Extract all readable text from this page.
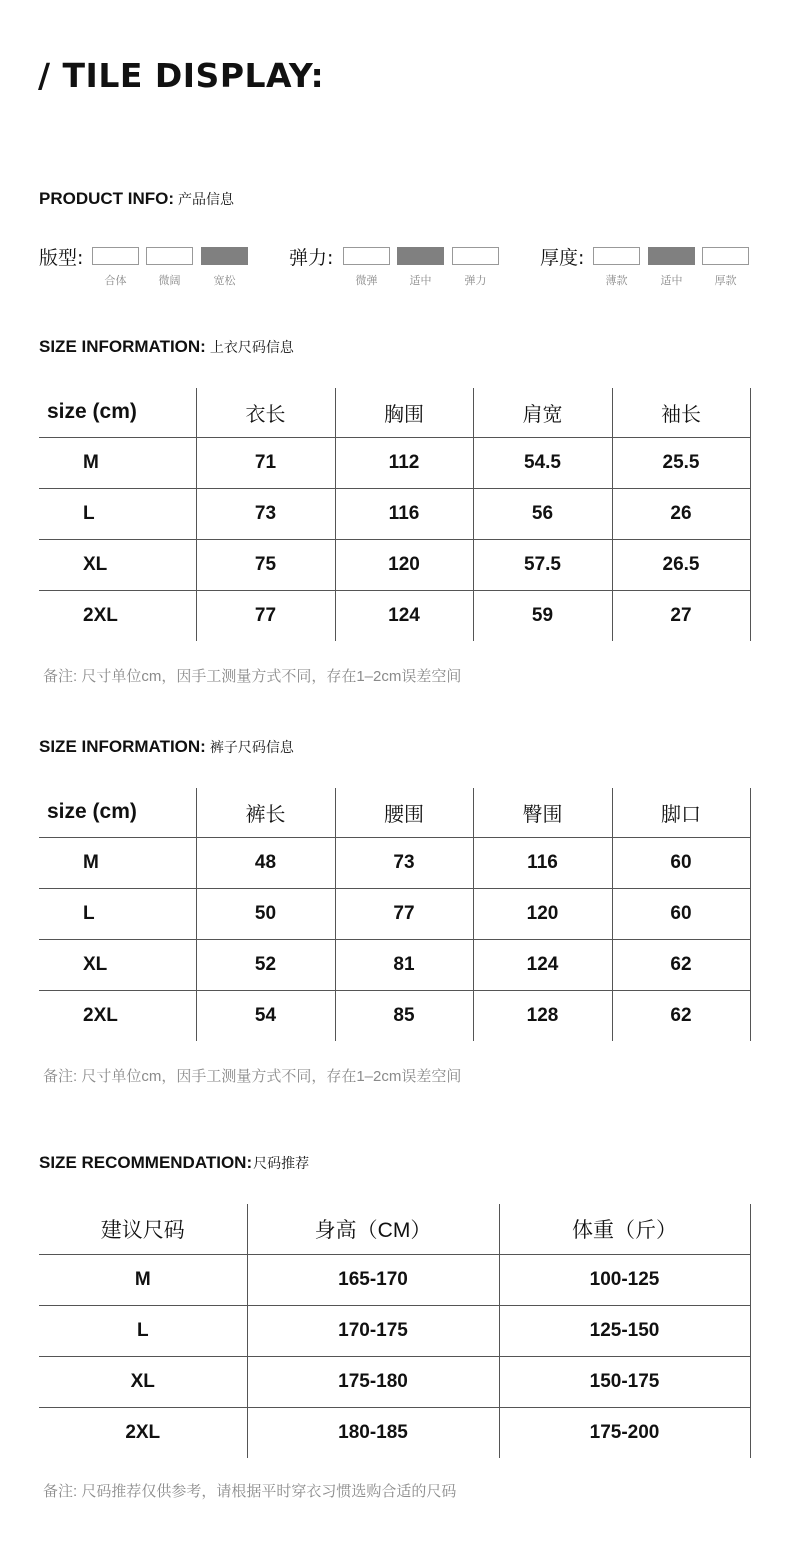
/ TILE DISPLAY:
PRODUCT INFO: 产品信息
版型:
合体	微阔	宽松
弹力:
微弹	适中	弹力
厚度:
薄款	适中	厚款
SIZE INFORMATION: 上衣尺码信息
size (cm)	衣长	胸围	肩宽	袖长
M	71	112	54.5	25.5
L	73	116	56	26
XL	75	120	57.5	26.5
2XL	77	124	59	27
备注: 尺寸单位cm，因手工测量方式不同，存在1–2cm误差空间
SIZE INFORMATION: 裤子尺码信息
size (cm)	裤长	腰围	臀围	脚口
M	48	73	116	60
L	50	77	120	60
XL	52	81	124	62
2XL	54	85	128	62
备注: 尺寸单位cm，因手工测量方式不同，存在1–2cm误差空间
SIZE RECOMMENDATION:尺码推荐
建议尺码	身高（CM）	体重（斤）
M	165-170	100-125
L	170-175	125-150
XL	175-180	150-175
2XL	180-185	175-200
备注: 尺码推荐仅供参考，请根据平时穿衣习惯选购合适的尺码
